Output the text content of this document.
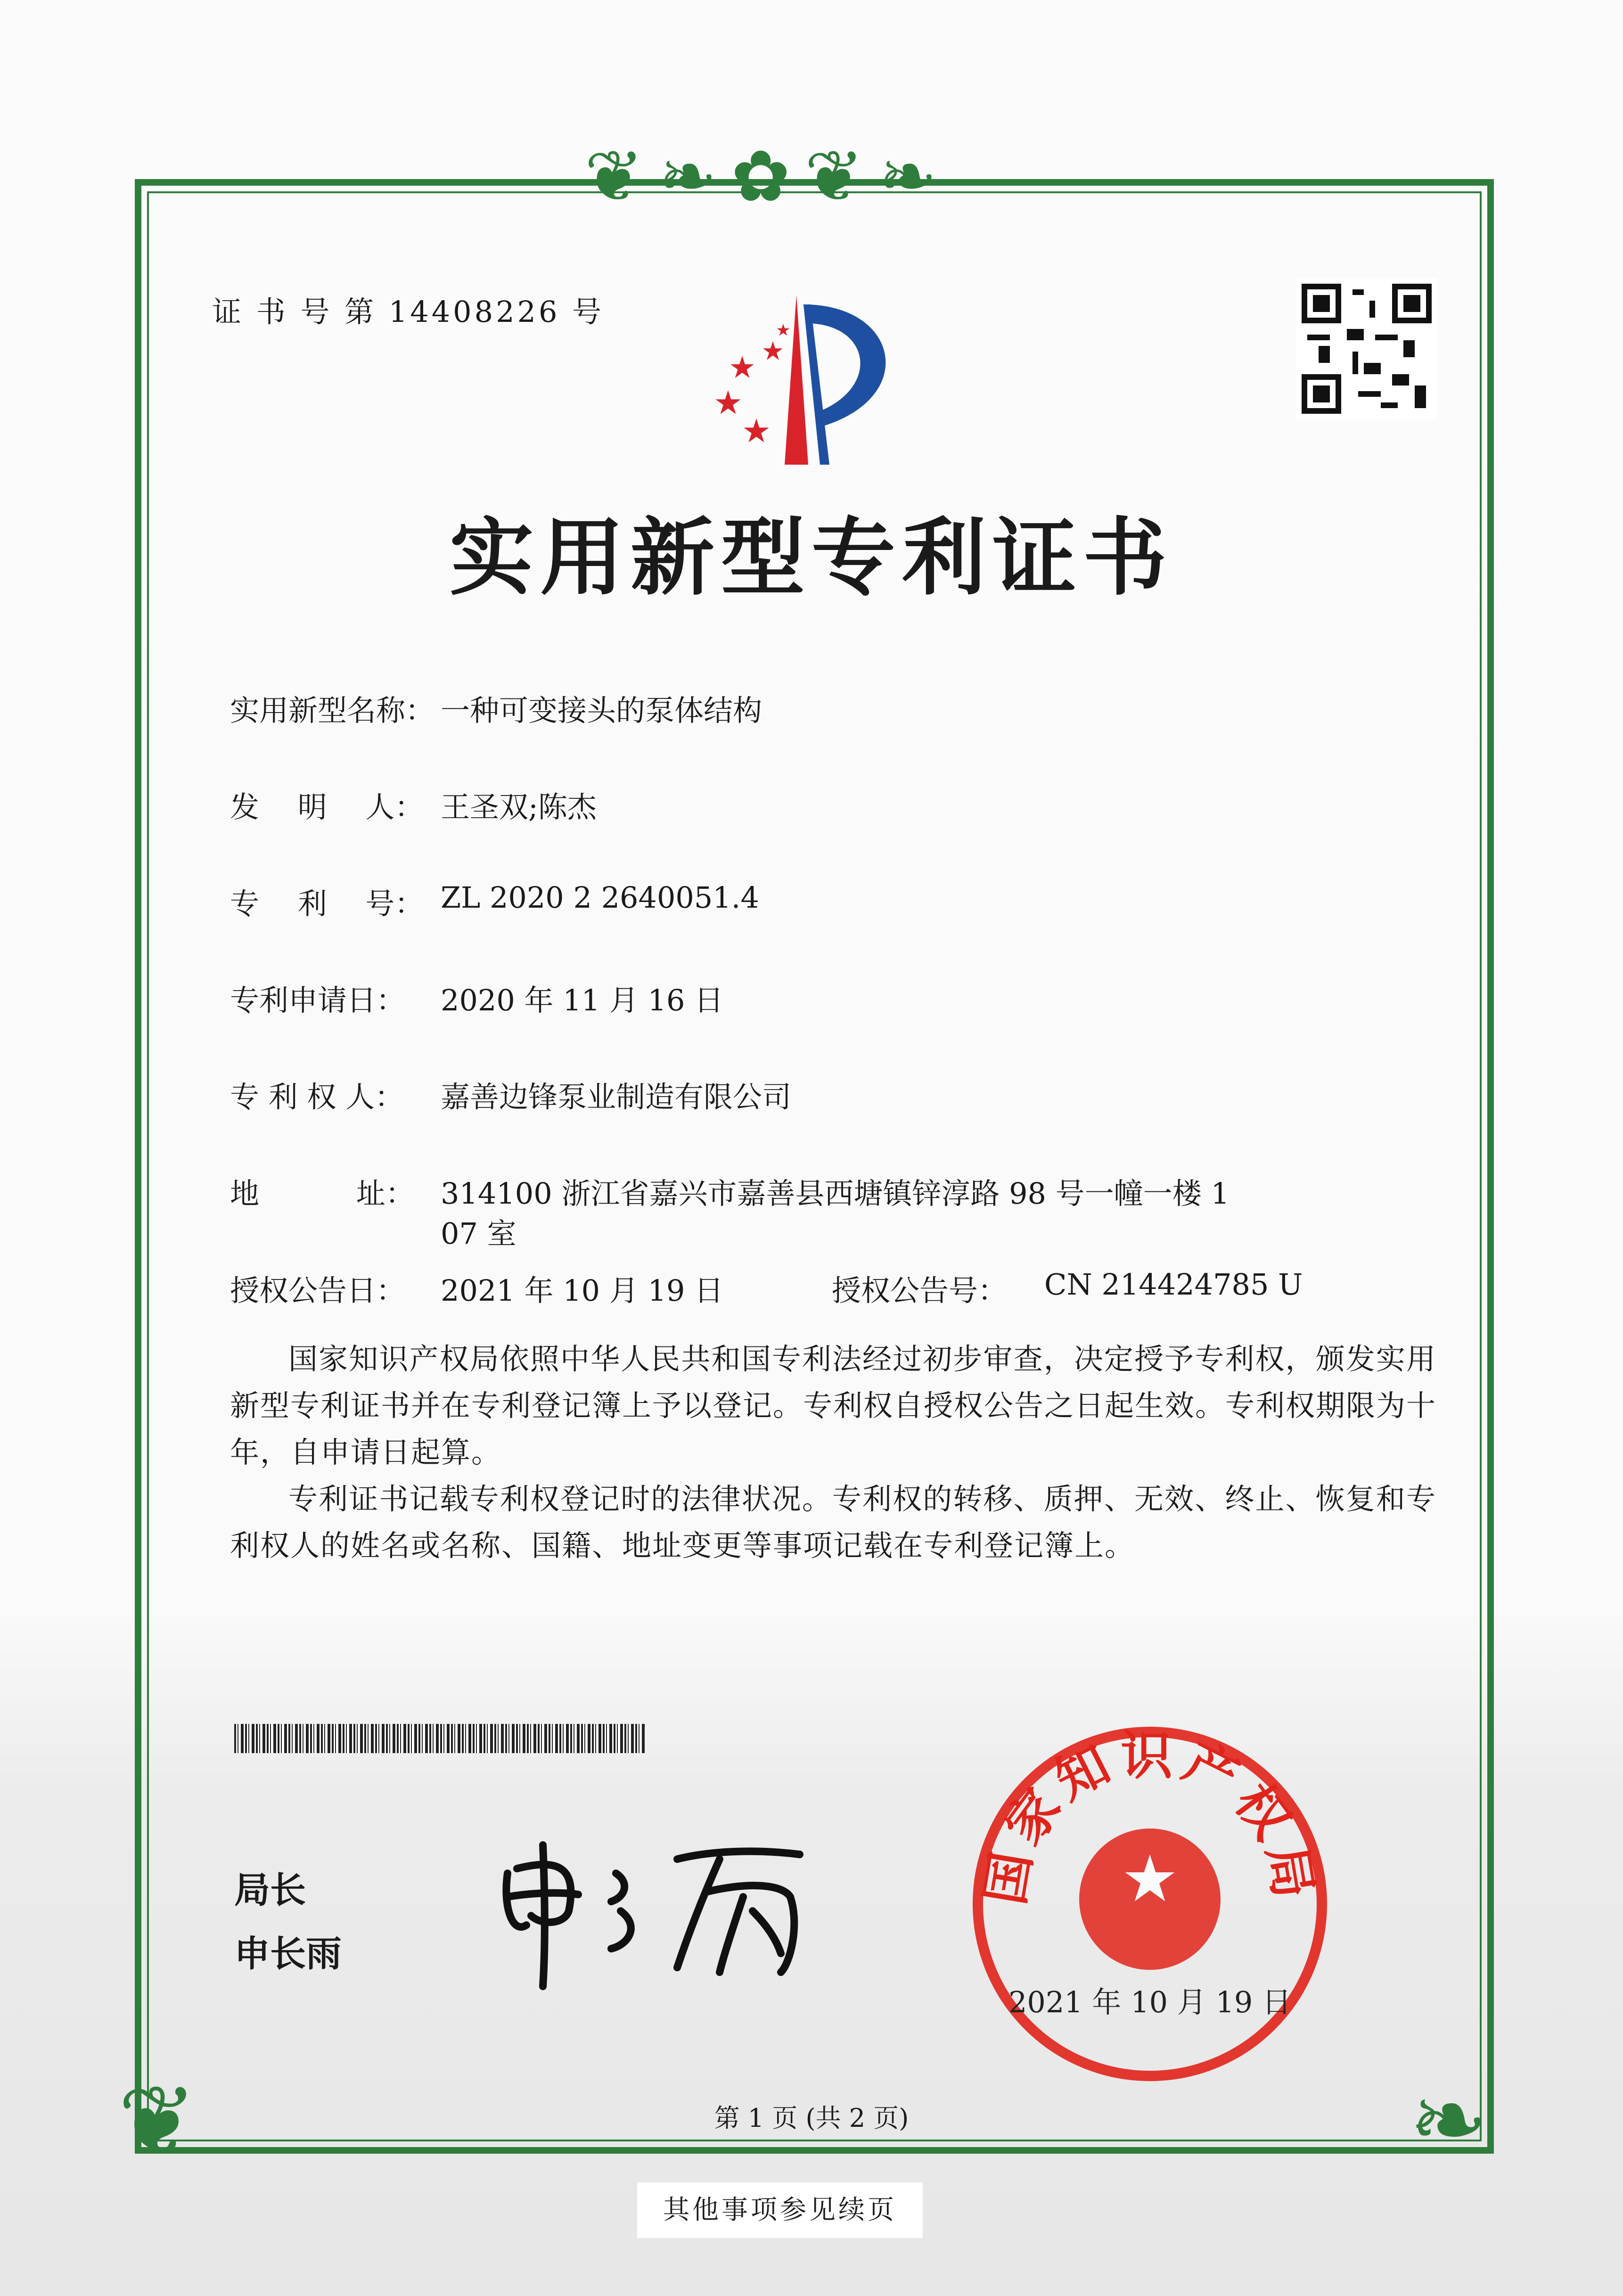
❦❧✿❦❧
❦	❧
证 书 号 第 14408226 号
实用新型专利证书
实用新型名称： 一种可变接头的泵体结构
发　 明　 人： 王圣双;陈杰
专　 利　 号： ZL 2020 2 2640051.4
专利申请日： 2020 年 11 月 16 日
专 利 权 人： 嘉善边锋泵业制造有限公司
地　　　 址： 314100 浙江省嘉兴市嘉善县西塘镇锌淳路 98 号一幢一楼 1
07 室
授权公告日： 2021 年 10 月 19 日	授权公告号： CN 214424785 U

国家知识产权局依照中华人民共和国专利法经过初步审查，决定授予专利权，颁发实用新型专利证书并在专利登记簿上予以登记。专利权自授权公告之日起生效。专利权期限为十年，自申请日起算。

专利证书记载专利权登记时的法律状况。专利权的转移、质押、无效、终止、恢复和专利权人的姓名或名称、国籍、地址变更等事项记载在专利登记簿上。

局长
申长雨
国家知识产权局
2021 年 10 月 19 日
第 1 页 (共 2 页)
其他事项参见续页
